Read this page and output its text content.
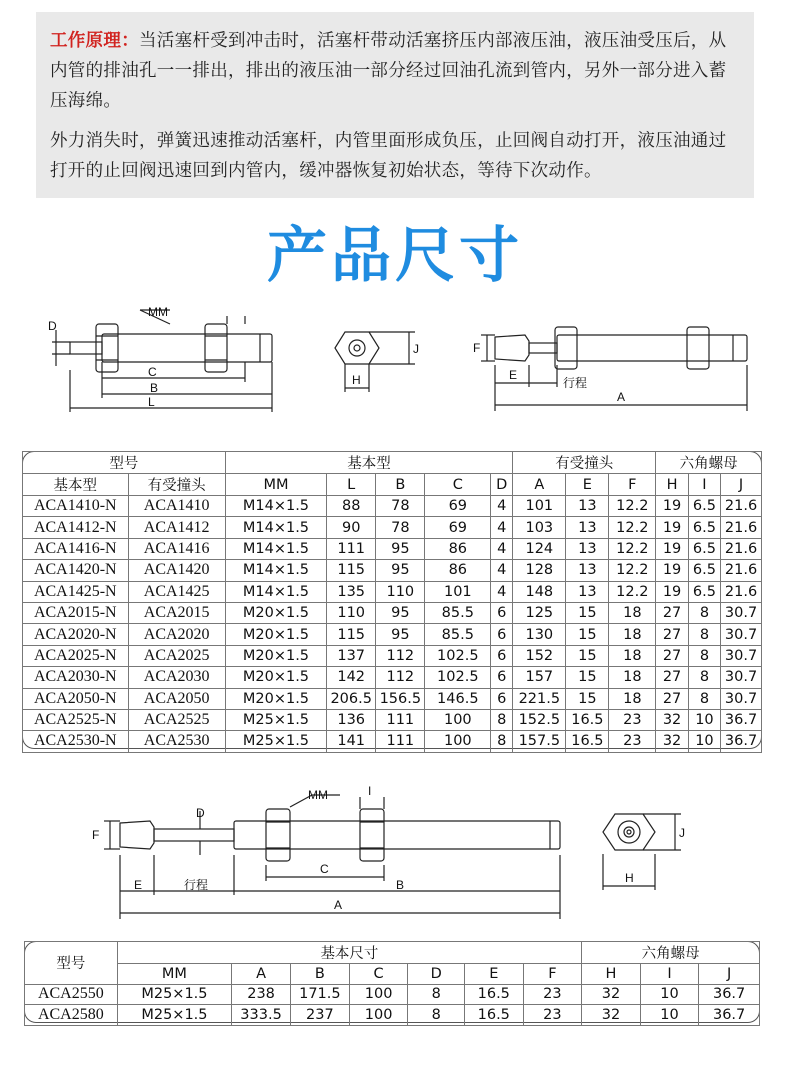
工作原理：当活塞杆受到冲击时，活塞杆带动活塞挤压内部液压油，液压油受压后，从内管的排油孔一一排出，排出的液压油一部分经过回油孔流到管内，另外一部分进入蓄压海绵。

外力消失时，弹簧迅速推动活塞杆，内管里面形成负压，止回阀自动打开，液压油通过打开的止回阀迅速回到内管内，缓冲器恢复初始状态，等待下次动作。

产品尺寸
D
MM
C
B
L
J
H
F
E
行程
A
型号		基本型					有受撞头			六角螺母		
基本型	有受撞头	MM	L	B	C	D	A	E	F	H	I	J
ACA1410-N	ACA1410	M14×1.5	88	78	69	4	101	13	12.2	19	6.5	21.6
ACA1412-N	ACA1412	M14×1.5	90	78	69	4	103	13	12.2	19	6.5	21.6
ACA1416-N	ACA1416	M14×1.5	111	95	86	4	124	13	12.2	19	6.5	21.6
ACA1420-N	ACA1420	M14×1.5	115	95	86	4	128	13	12.2	19	6.5	21.6
ACA1425-N	ACA1425	M14×1.5	135	110	101	4	148	13	12.2	19	6.5	21.6
ACA2015-N	ACA2015	M20×1.5	110	95	85.5	6	125	15	18	27	8	30.7
ACA2020-N	ACA2020	M20×1.5	115	95	85.5	6	130	15	18	27	8	30.7
ACA2025-N	ACA2025	M20×1.5	137	112	102.5	6	152	15	18	27	8	30.7
ACA2030-N	ACA2030	M20×1.5	142	112	102.5	6	157	15	18	27	8	30.7
ACA2050-N	ACA2050	M20×1.5	206.5	156.5	146.5	6	221.5	15	18	27	8	30.7
ACA2525-N	ACA2525	M25×1.5	136	111	100	8	152.5	16.5	23	32	10	36.7
ACA2530-N	ACA2530	M25×1.5	141	111	100	8	157.5	16.5	23	32	10	36.7
F
D
MM	I
C
E	行程	B
A
J
H
型号	基本尺寸							六角螺母		
	MM	A	B	C	D	E	F	H	I	J
ACA2550	M25×1.5	238	171.5	100	8	16.5	23	32	10	36.7
ACA2580	M25×1.5	333.5	237	100	8	16.5	23	32	10	36.7
